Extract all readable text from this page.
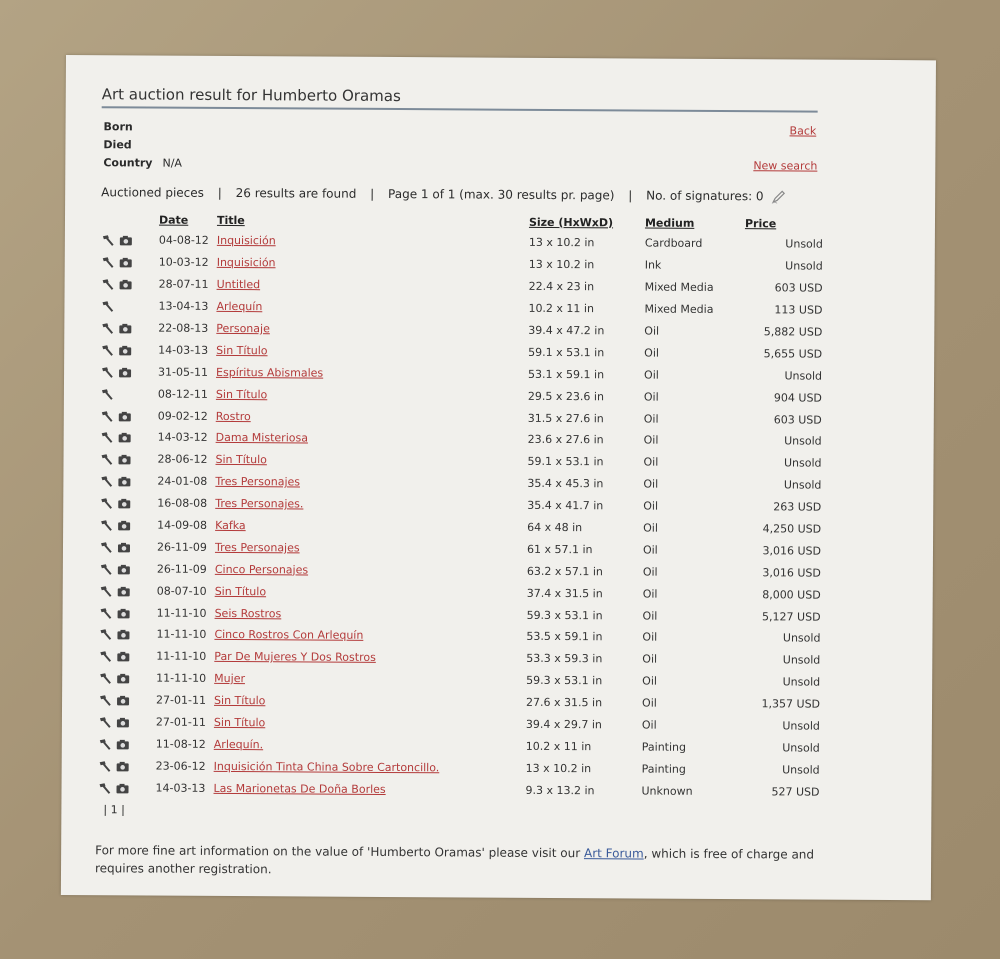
Art auction result for Humberto Oramas
Born
Died
Country N/A
Back
New search
Auctioned pieces | 26 results are found | Page 1 of 1 (max. 30 results pr. page) | No. of signatures: 0
	Date	Title	Size (HxWxD)	Medium	Price
	04-08-12	Inquisición	13 x 10.2 in	Cardboard	Unsold
	10-03-12	Inquisición	13 x 10.2 in	Ink	Unsold
	28-07-11	Untitled	22.4 x 23 in	Mixed Media	603 USD
	13-04-13	Arlequín	10.2 x 11 in	Mixed Media	113 USD
	22-08-13	Personaje	39.4 x 47.2 in	Oil	5,882 USD
	14-03-13	Sin Título	59.1 x 53.1 in	Oil	5,655 USD
	31-05-11	Espíritus Abismales	53.1 x 59.1 in	Oil	Unsold
	08-12-11	Sin Título	29.5 x 23.6 in	Oil	904 USD
	09-02-12	Rostro	31.5 x 27.6 in	Oil	603 USD
	14-03-12	Dama Misteriosa	23.6 x 27.6 in	Oil	Unsold
	28-06-12	Sin Título	59.1 x 53.1 in	Oil	Unsold
	24-01-08	Tres Personajes	35.4 x 45.3 in	Oil	Unsold
	16-08-08	Tres Personajes.	35.4 x 41.7 in	Oil	263 USD
	14-09-08	Kafka	64 x 48 in	Oil	4,250 USD
	26-11-09	Tres Personajes	61 x 57.1 in	Oil	3,016 USD
	26-11-09	Cinco Personajes	63.2 x 57.1 in	Oil	3,016 USD
	08-07-10	Sin Título	37.4 x 31.5 in	Oil	8,000 USD
	11-11-10	Seis Rostros	59.3 x 53.1 in	Oil	5,127 USD
	11-11-10	Cinco Rostros Con Arlequín	53.5 x 59.1 in	Oil	Unsold
	11-11-10	Par De Mujeres Y Dos Rostros	53.3 x 59.3 in	Oil	Unsold
	11-11-10	Mujer	59.3 x 53.1 in	Oil	Unsold
	27-01-11	Sin Título	27.6 x 31.5 in	Oil	1,357 USD
	27-01-11	Sin Título	39.4 x 29.7 in	Oil	Unsold
	11-08-12	Arlequín.	10.2 x 11 in	Painting	Unsold
	23-06-12	Inquisición Tinta China Sobre Cartoncillo.	13 x 10.2 in	Painting	Unsold
	14-03-13	Las Marionetas De Doña Borles	9.3 x 13.2 in	Unknown	527 USD
| 1 |
For more fine art information on the value of 'Humberto Oramas' please visit our Art Forum, which is free of charge and requires another registration.
